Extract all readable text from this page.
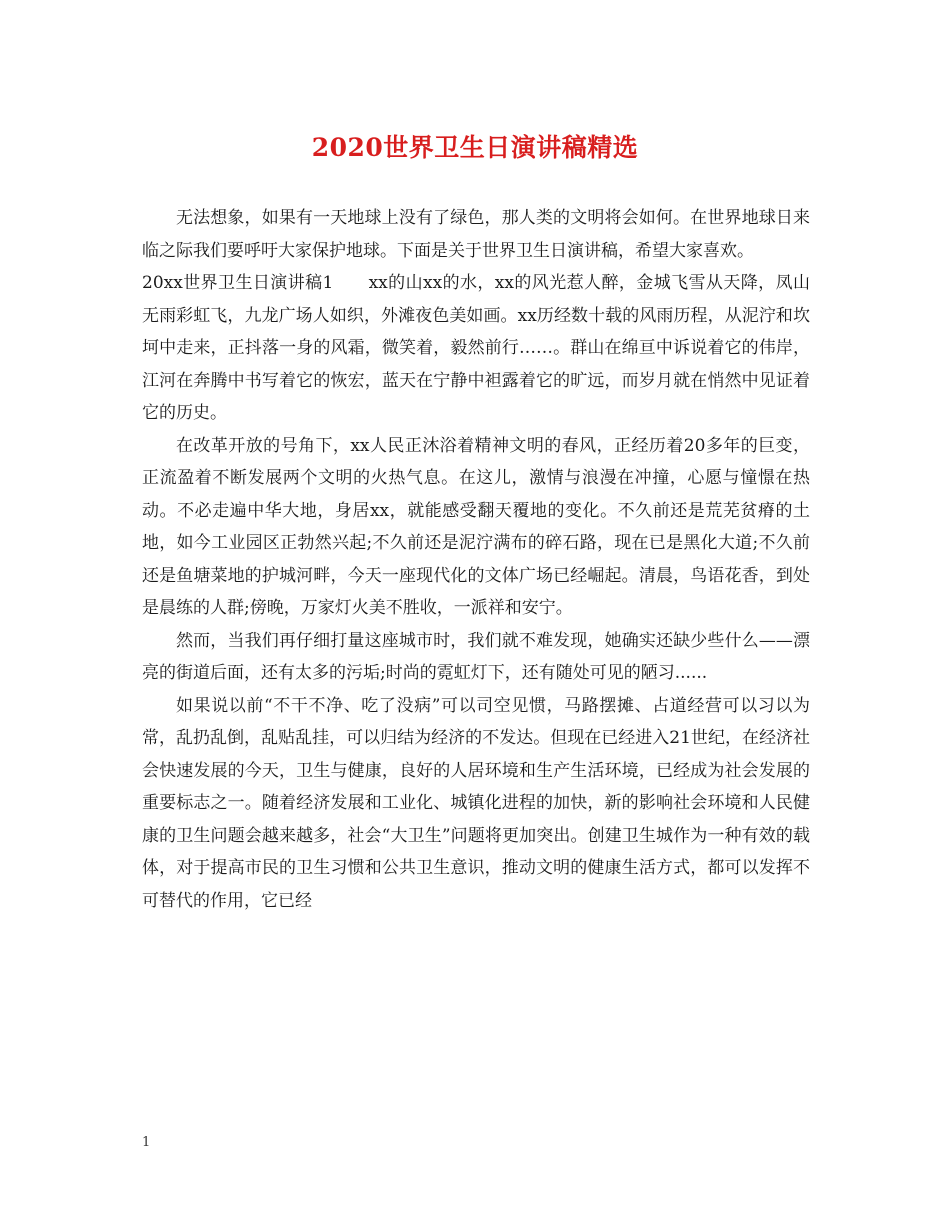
2020世界卫生日演讲稿精选

无法想象，如果有一天地球上没有了绿色，那人类的文明将会如何。在世界地球日来临之际我们要呼吁大家保护地球。下面是关于世界卫生日演讲稿，希望大家喜欢。

20xx世界卫生日演讲稿1　　xx的山xx的水，xx的风光惹人醉，金城飞雪从天降，凤山无雨彩虹飞，九龙广场人如织，外滩夜色美如画。xx历经数十载的风雨历程，从泥泞和坎坷中走来，正抖落一身的风霜，微笑着，毅然前行……。群山在绵亘中诉说着它的伟岸，江河在奔腾中书写着它的恢宏，蓝天在宁静中袒露着它的旷远，而岁月就在悄然中见证着它的历史。

在改革开放的号角下，xx人民正沐浴着精神文明的春风，正经历着20多年的巨变，正流盈着不断发展两个文明的火热气息。在这儿，激情与浪漫在冲撞，心愿与憧憬在热动。不必走遍中华大地，身居xx，就能感受翻天覆地的变化。不久前还是荒芜贫瘠的土地，如今工业园区正勃然兴起;不久前还是泥泞满布的碎石路，现在已是黑化大道;不久前还是鱼塘菜地的护城河畔，今天一座现代化的文体广场已经崛起。清晨，鸟语花香，到处是晨练的人群;傍晚，万家灯火美不胜收，一派祥和安宁。

然而，当我们再仔细打量这座城市时，我们就不难发现，她确实还缺少些什么——漂亮的街道后面，还有太多的污垢;时尚的霓虹灯下，还有随处可见的陋习......

如果说以前“不干不净、吃了没病”可以司空见惯，马路摆摊、占道经营可以习以为常，乱扔乱倒，乱贴乱挂，可以归结为经济的不发达。但现在已经进入21世纪，在经济社会快速发展的今天，卫生与健康，良好的人居环境和生产生活环境，已经成为社会发展的重要标志之一。随着经济发展和工业化、城镇化进程的加快，新的影响社会环境和人民健康的卫生问题会越来越多，社会“大卫生”问题将更加突出。创建卫生城作为一种有效的载体，对于提高市民的卫生习惯和公共卫生意识，推动文明的健康生活方式，都可以发挥不可替代的作用，它已经

1
